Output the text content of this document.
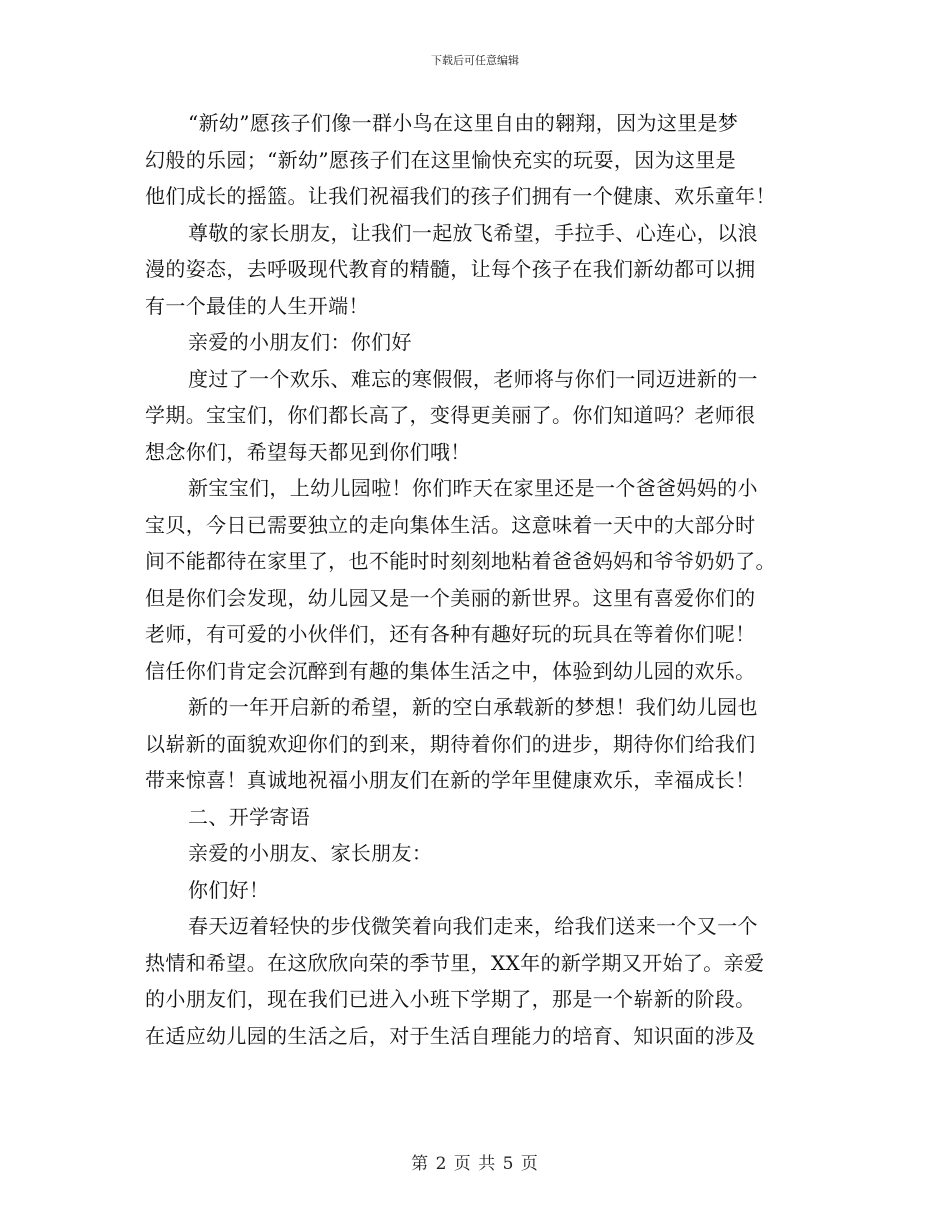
下载后可任意编辑
“新幼”愿孩子们像一群小鸟在这里自由的翱翔，因为这里是梦
幻般的乐园；“新幼”愿孩子们在这里愉快充实的玩耍，因为这里是
他们成长的摇篮。让我们祝福我们的孩子们拥有一个健康、欢乐童年！
尊敬的家长朋友，让我们一起放飞希望，手拉手、心连心，以浪
漫的姿态，去呼吸现代教育的精髓，让每个孩子在我们新幼都可以拥
有一个最佳的人生开端！
亲爱的小朋友们：你们好
度过了一个欢乐、难忘的寒假假，老师将与你们一同迈进新的一
学期。宝宝们，你们都长高了，变得更美丽了。你们知道吗？老师很
想念你们，希望每天都见到你们哦！
新宝宝们，上幼儿园啦！你们昨天在家里还是一个爸爸妈妈的小
宝贝，今日已需要独立的走向集体生活。这意味着一天中的大部分时
间不能都待在家里了，也不能时时刻刻地粘着爸爸妈妈和爷爷奶奶了。
但是你们会发现，幼儿园又是一个美丽的新世界。这里有喜爱你们的
老师，有可爱的小伙伴们，还有各种有趣好玩的玩具在等着你们呢！
信任你们肯定会沉醉到有趣的集体生活之中，体验到幼儿园的欢乐。
新的一年开启新的希望，新的空白承载新的梦想！我们幼儿园也
以崭新的面貌欢迎你们的到来，期待着你们的进步，期待你们给我们
带来惊喜！真诚地祝福小朋友们在新的学年里健康欢乐，幸福成长！
二、开学寄语
亲爱的小朋友、家长朋友：
你们好！
春天迈着轻快的步伐微笑着向我们走来，给我们送来一个又一个
热情和希望。在这欣欣向荣的季节里，XX年的新学期又开始了。亲爱
的小朋友们，现在我们已进入小班下学期了，那是一个崭新的阶段。
在适应幼儿园的生活之后，对于生活自理能力的培育、知识面的涉及
第 2 页 共 5 页
